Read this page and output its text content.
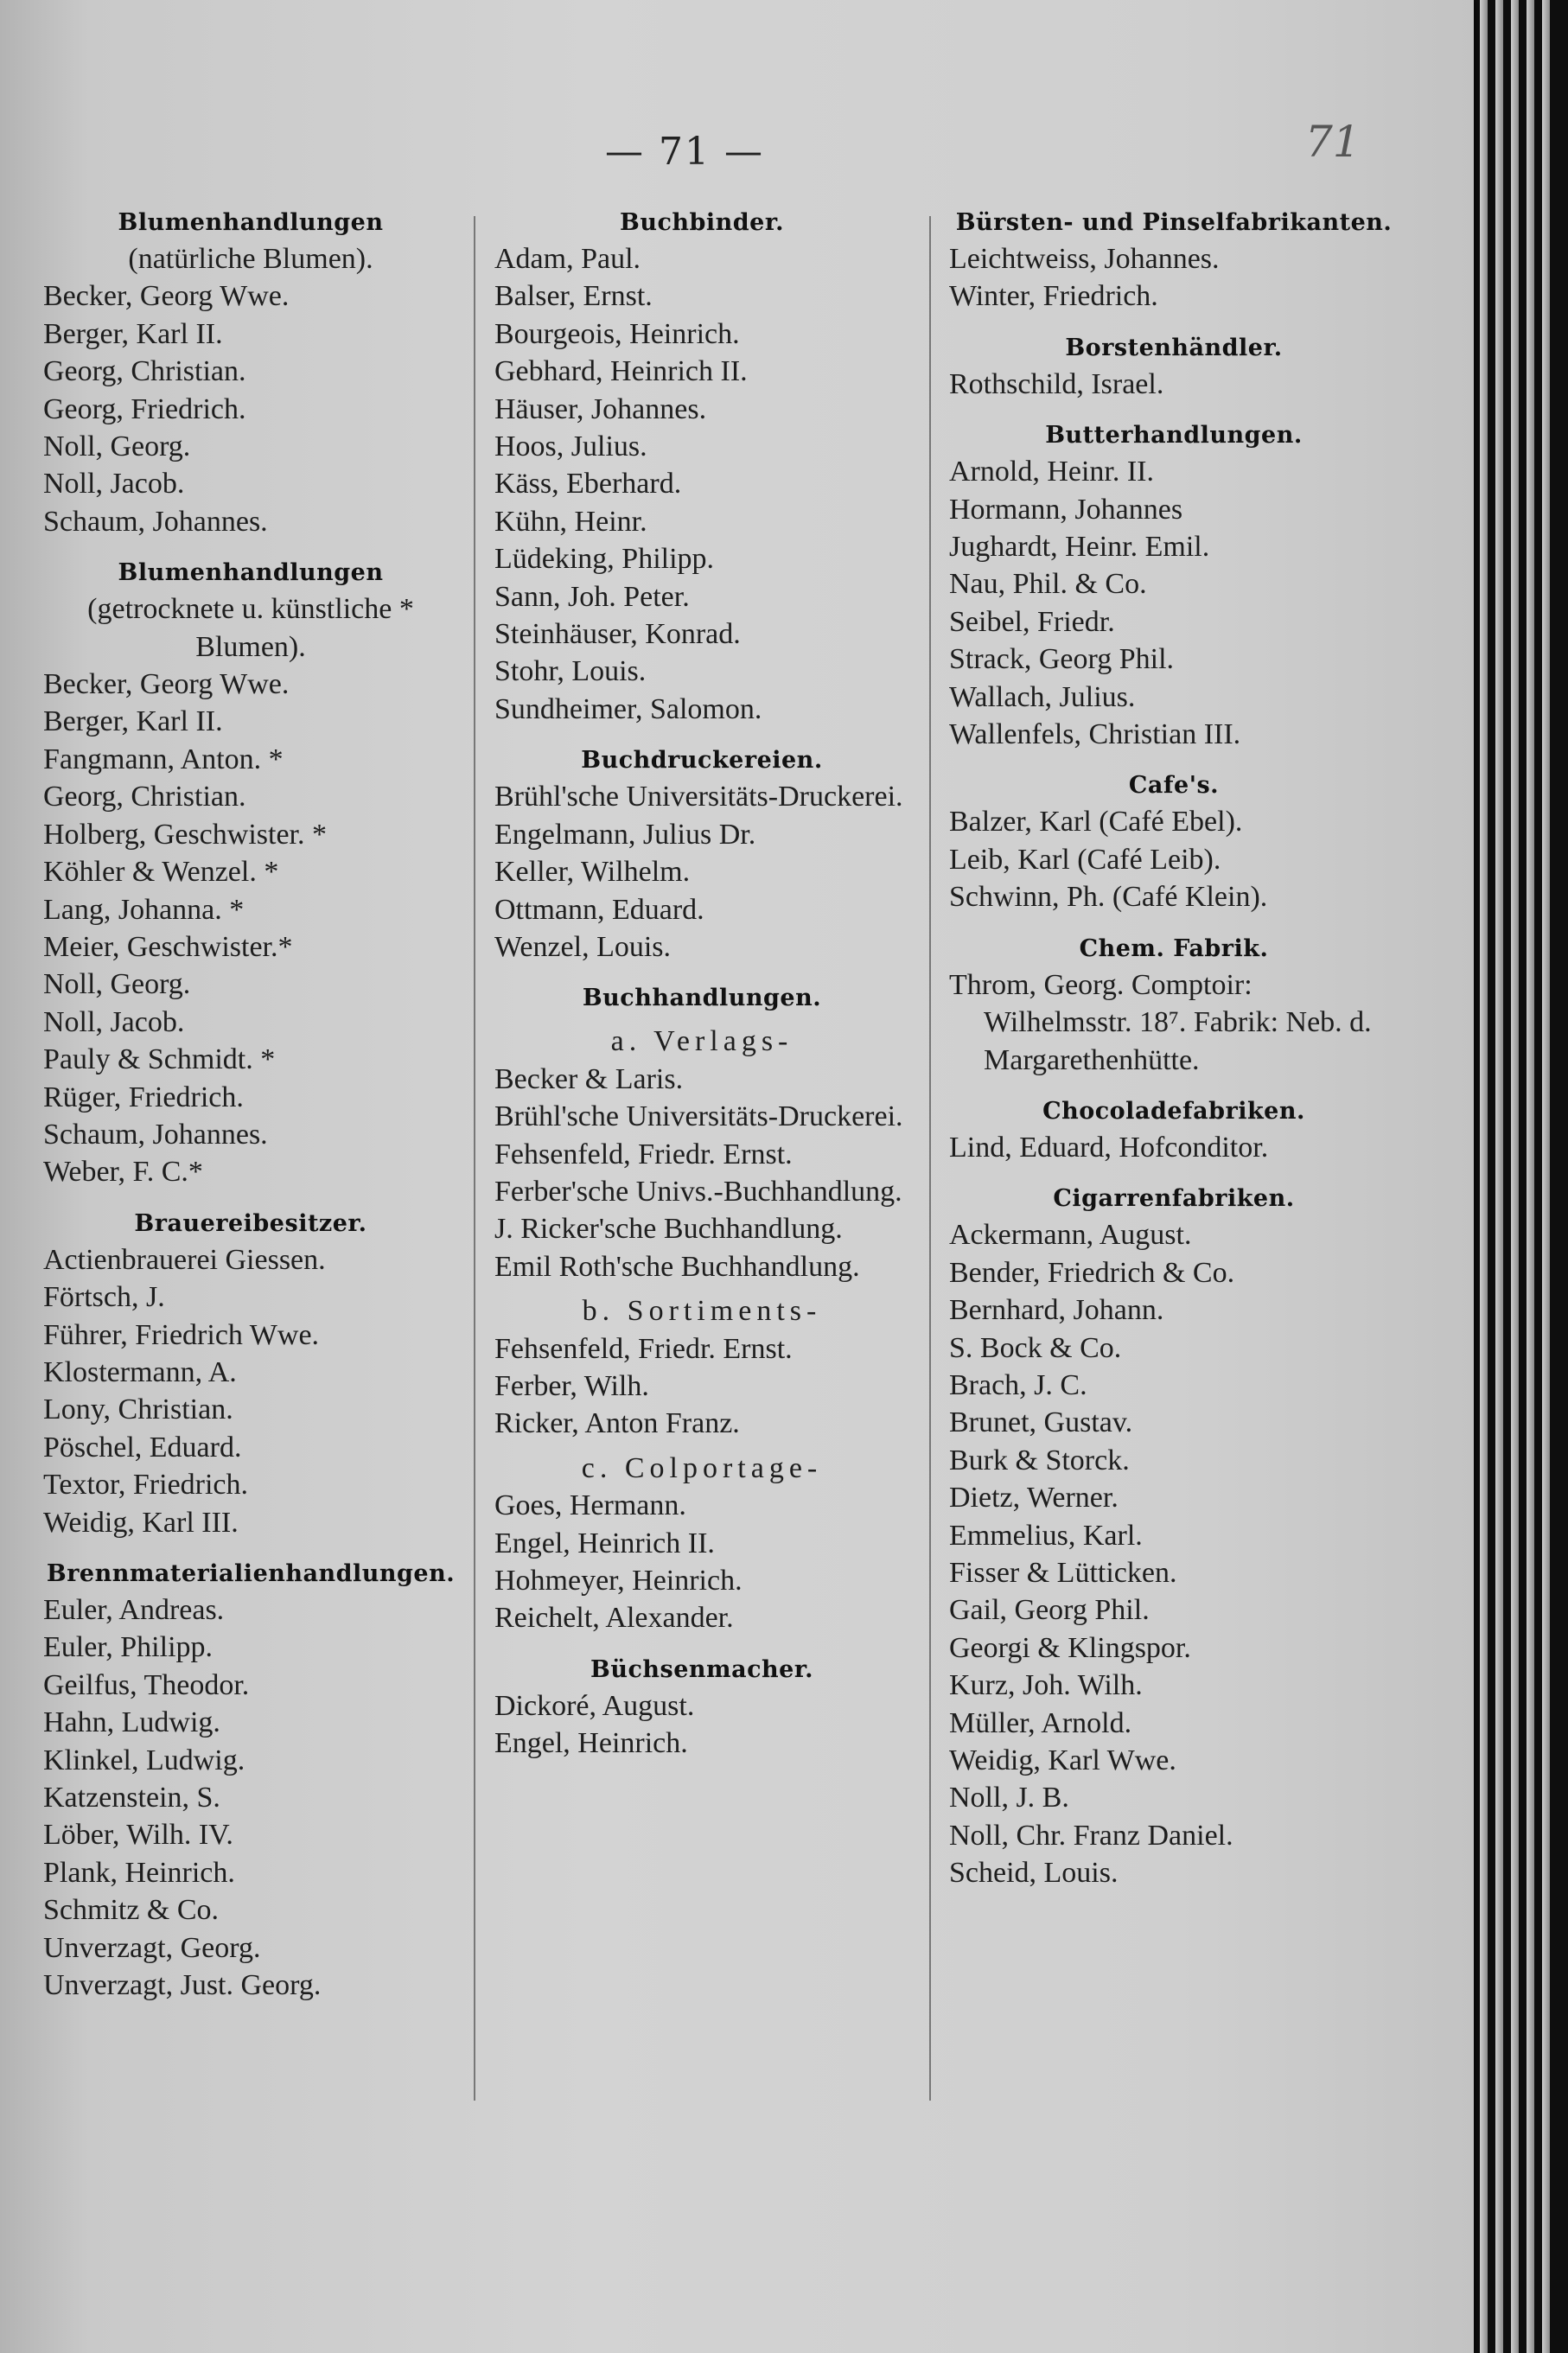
— 71 —	71
Blumenhandlungen
(natürliche Blumen).
Becker, Georg Wwe.
Berger, Karl II.
Georg, Christian.
Georg, Friedrich.
Noll, Georg.
Noll, Jacob.
Schaum, Johannes.
Blumenhandlungen
(getrocknete u. künstliche * Blumen).
Becker, Georg Wwe.
Berger, Karl II.
Fangmann, Anton. *
Georg, Christian.
Holberg, Geschwister. *
Köhler & Wenzel. *
Lang, Johanna. *
Meier, Geschwister.*
Noll, Georg.
Noll, Jacob.
Pauly & Schmidt. *
Rüger, Friedrich.
Schaum, Johannes.
Weber, F. C.*
Brauereibesitzer.
Actienbrauerei Giessen.
Förtsch, J.
Führer, Friedrich Wwe.
Klostermann, A.
Lony, Christian.
Pöschel, Eduard.
Textor, Friedrich.
Weidig, Karl III.
Brennmaterialienhandlungen.
Euler, Andreas.
Euler, Philipp.
Geilfus, Theodor.
Hahn, Ludwig.
Klinkel, Ludwig.
Katzenstein, S.
Löber, Wilh. IV.
Plank, Heinrich.
Schmitz & Co.
Unverzagt, Georg.
Unverzagt, Just. Georg.
Buchbinder.
Adam, Paul.
Balser, Ernst.
Bourgeois, Heinrich.
Gebhard, Heinrich II.
Häuser, Johannes.
Hoos, Julius.
Käss, Eberhard.
Kühn, Heinr.
Lüdeking, Philipp.
Sann, Joh. Peter.
Steinhäuser, Konrad.
Stohr, Louis.
Sundheimer, Salomon.
Buchdruckereien.
Brühl'sche Universitäts-Druckerei.
Engelmann, Julius Dr.
Keller, Wilhelm.
Ottmann, Eduard.
Wenzel, Louis.
Buchhandlungen.
a. Verlags-
Becker & Laris.
Brühl'sche Universitäts-Druckerei.
Fehsenfeld, Friedr. Ernst.
Ferber'sche Univs.-Buchhandlung.
J. Ricker'sche Buchhandlung.
Emil Roth'sche Buchhandlung.
b. Sortiments-
Fehsenfeld, Friedr. Ernst.
Ferber, Wilh.
Ricker, Anton Franz.
c. Colportage-
Goes, Hermann.
Engel, Heinrich II.
Hohmeyer, Heinrich.
Reichelt, Alexander.
Büchsenmacher.
Dickoré, August.
Engel, Heinrich.
Bürsten- und Pinselfabrikanten.
Leichtweiss, Johannes.
Winter, Friedrich.
Borstenhändler.
Rothschild, Israel.
Butterhandlungen.
Arnold, Heinr. II.
Hormann, Johannes
Jughardt, Heinr. Emil.
Nau, Phil. & Co.
Seibel, Friedr.
Strack, Georg Phil.
Wallach, Julius.
Wallenfels, Christian III.
Cafe's.
Balzer, Karl (Café Ebel).
Leib, Karl (Café Leib).
Schwinn, Ph. (Café Klein).
Chem. Fabrik.
Throm, Georg. Comptoir: Wilhelmsstr. 18⁷. Fabrik: Neb. d. Margarethenhütte.
Chocoladefabriken.
Lind, Eduard, Hofconditor.
Cigarrenfabriken.
Ackermann, August.
Bender, Friedrich & Co.
Bernhard, Johann.
S. Bock & Co.
Brach, J. C.
Brunet, Gustav.
Burk & Storck.
Dietz, Werner.
Emmelius, Karl.
Fisser & Lütticken.
Gail, Georg Phil.
Georgi & Klingspor.
Kurz, Joh. Wilh.
Müller, Arnold.
Weidig, Karl Wwe.
Noll, J. B.
Noll, Chr. Franz Daniel.
Scheid, Louis.
